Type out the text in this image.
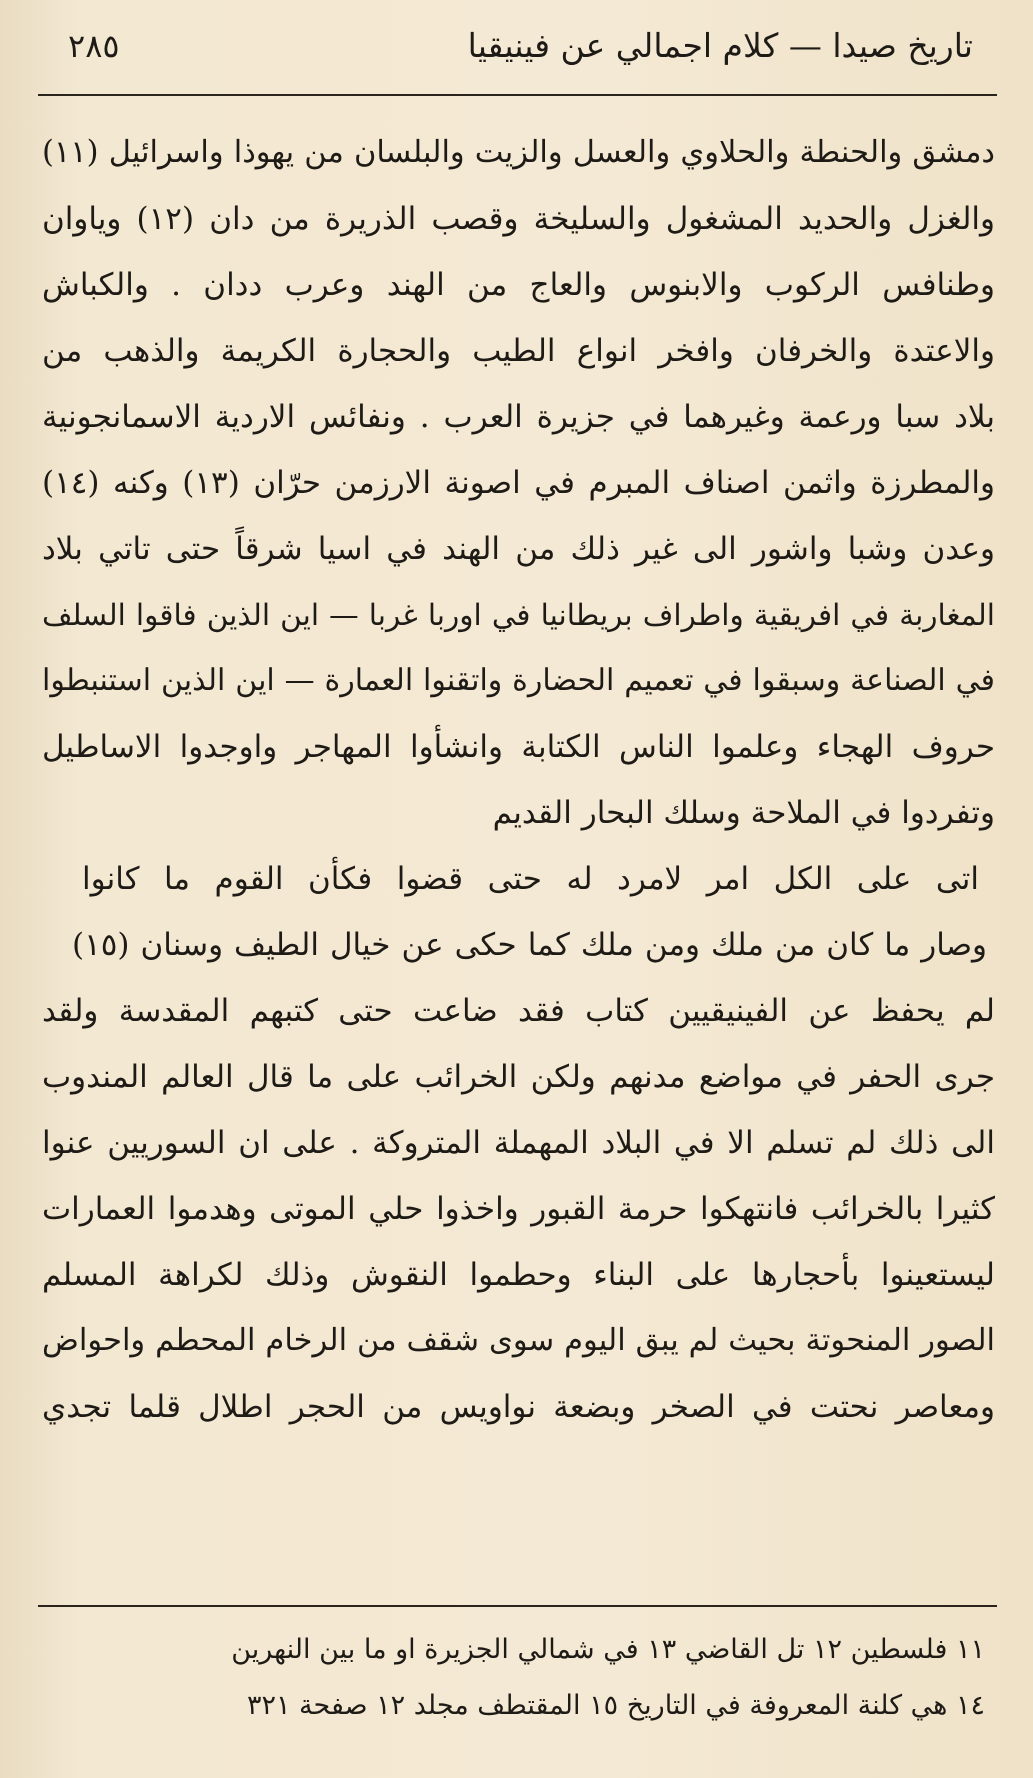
تاريخ صيدا — كلام اجمالي عن فينيقيا
٢٨٥
دمشق والحنطة والحلاوي والعسل والزيت والبلسان من يهوذا واسرائيل (١١)
والغزل والحديد المشغول والسليخة وقصب الذريرة من دان (١٢) وياوان
وطنافس الركوب والابنوس والعاج من الهند وعرب ددان . والكباش
والاعتدة والخرفان وافخر انواع الطيب والحجارة الكريمة والذهب من
بلاد سبا ورعمة وغيرهما في جزيرة العرب . ونفائس الاردية الاسمانجونية
والمطرزة واثمن اصناف المبرم في اصونة الارزمن حرّان (١٣) وكنه (١٤)
وعدن وشبا واشور الى غير ذلك من الهند في اسيا شرقاً حتى تاتي بلاد
المغاربة في افريقية واطراف بريطانيا في اوربا غربا — اين الذين فاقوا السلف
في الصناعة وسبقوا في تعميم الحضارة واتقنوا العمارة — اين الذين استنبطوا
حروف الهجاء وعلموا الناس الكتابة وانشأوا المهاجر واوجدوا الاساطيل
وتفردوا في الملاحة وسلك البحار القديم
اتى على الكل امر لامرد له حتى قضوا فكأن القوم ما كانوا
وصار ما كان من ملك ومن ملك كما حكى عن خيال الطيف وسنان (١٥)
لم يحفظ عن الفينيقيين كتاب فقد ضاعت حتى كتبهم المقدسة ولقد
جرى الحفر في مواضع مدنهم ولكن الخرائب على ما قال العالم المندوب
الى ذلك لم تسلم الا في البلاد المهملة المتروكة . على ان السوريين عنوا
كثيرا بالخرائب فانتهكوا حرمة القبور واخذوا حلي الموتى وهدموا العمارات
ليستعينوا بأحجارها على البناء وحطموا النقوش وذلك لكراهة المسلم
الصور المنحوتة بحيث لم يبق اليوم سوى شقف من الرخام المحطم واحواض
ومعاصر نحتت في الصخر وبضعة نواويس من الحجر اطلال قلما تجدي
١١ فلسطين ١٢ تل القاضي ١٣ في شمالي الجزيرة او ما بين النهرين
١٤ هي كلنة المعروفة في التاريخ ١٥ المقتطف مجلد ١٢ صفحة ٣٢١
